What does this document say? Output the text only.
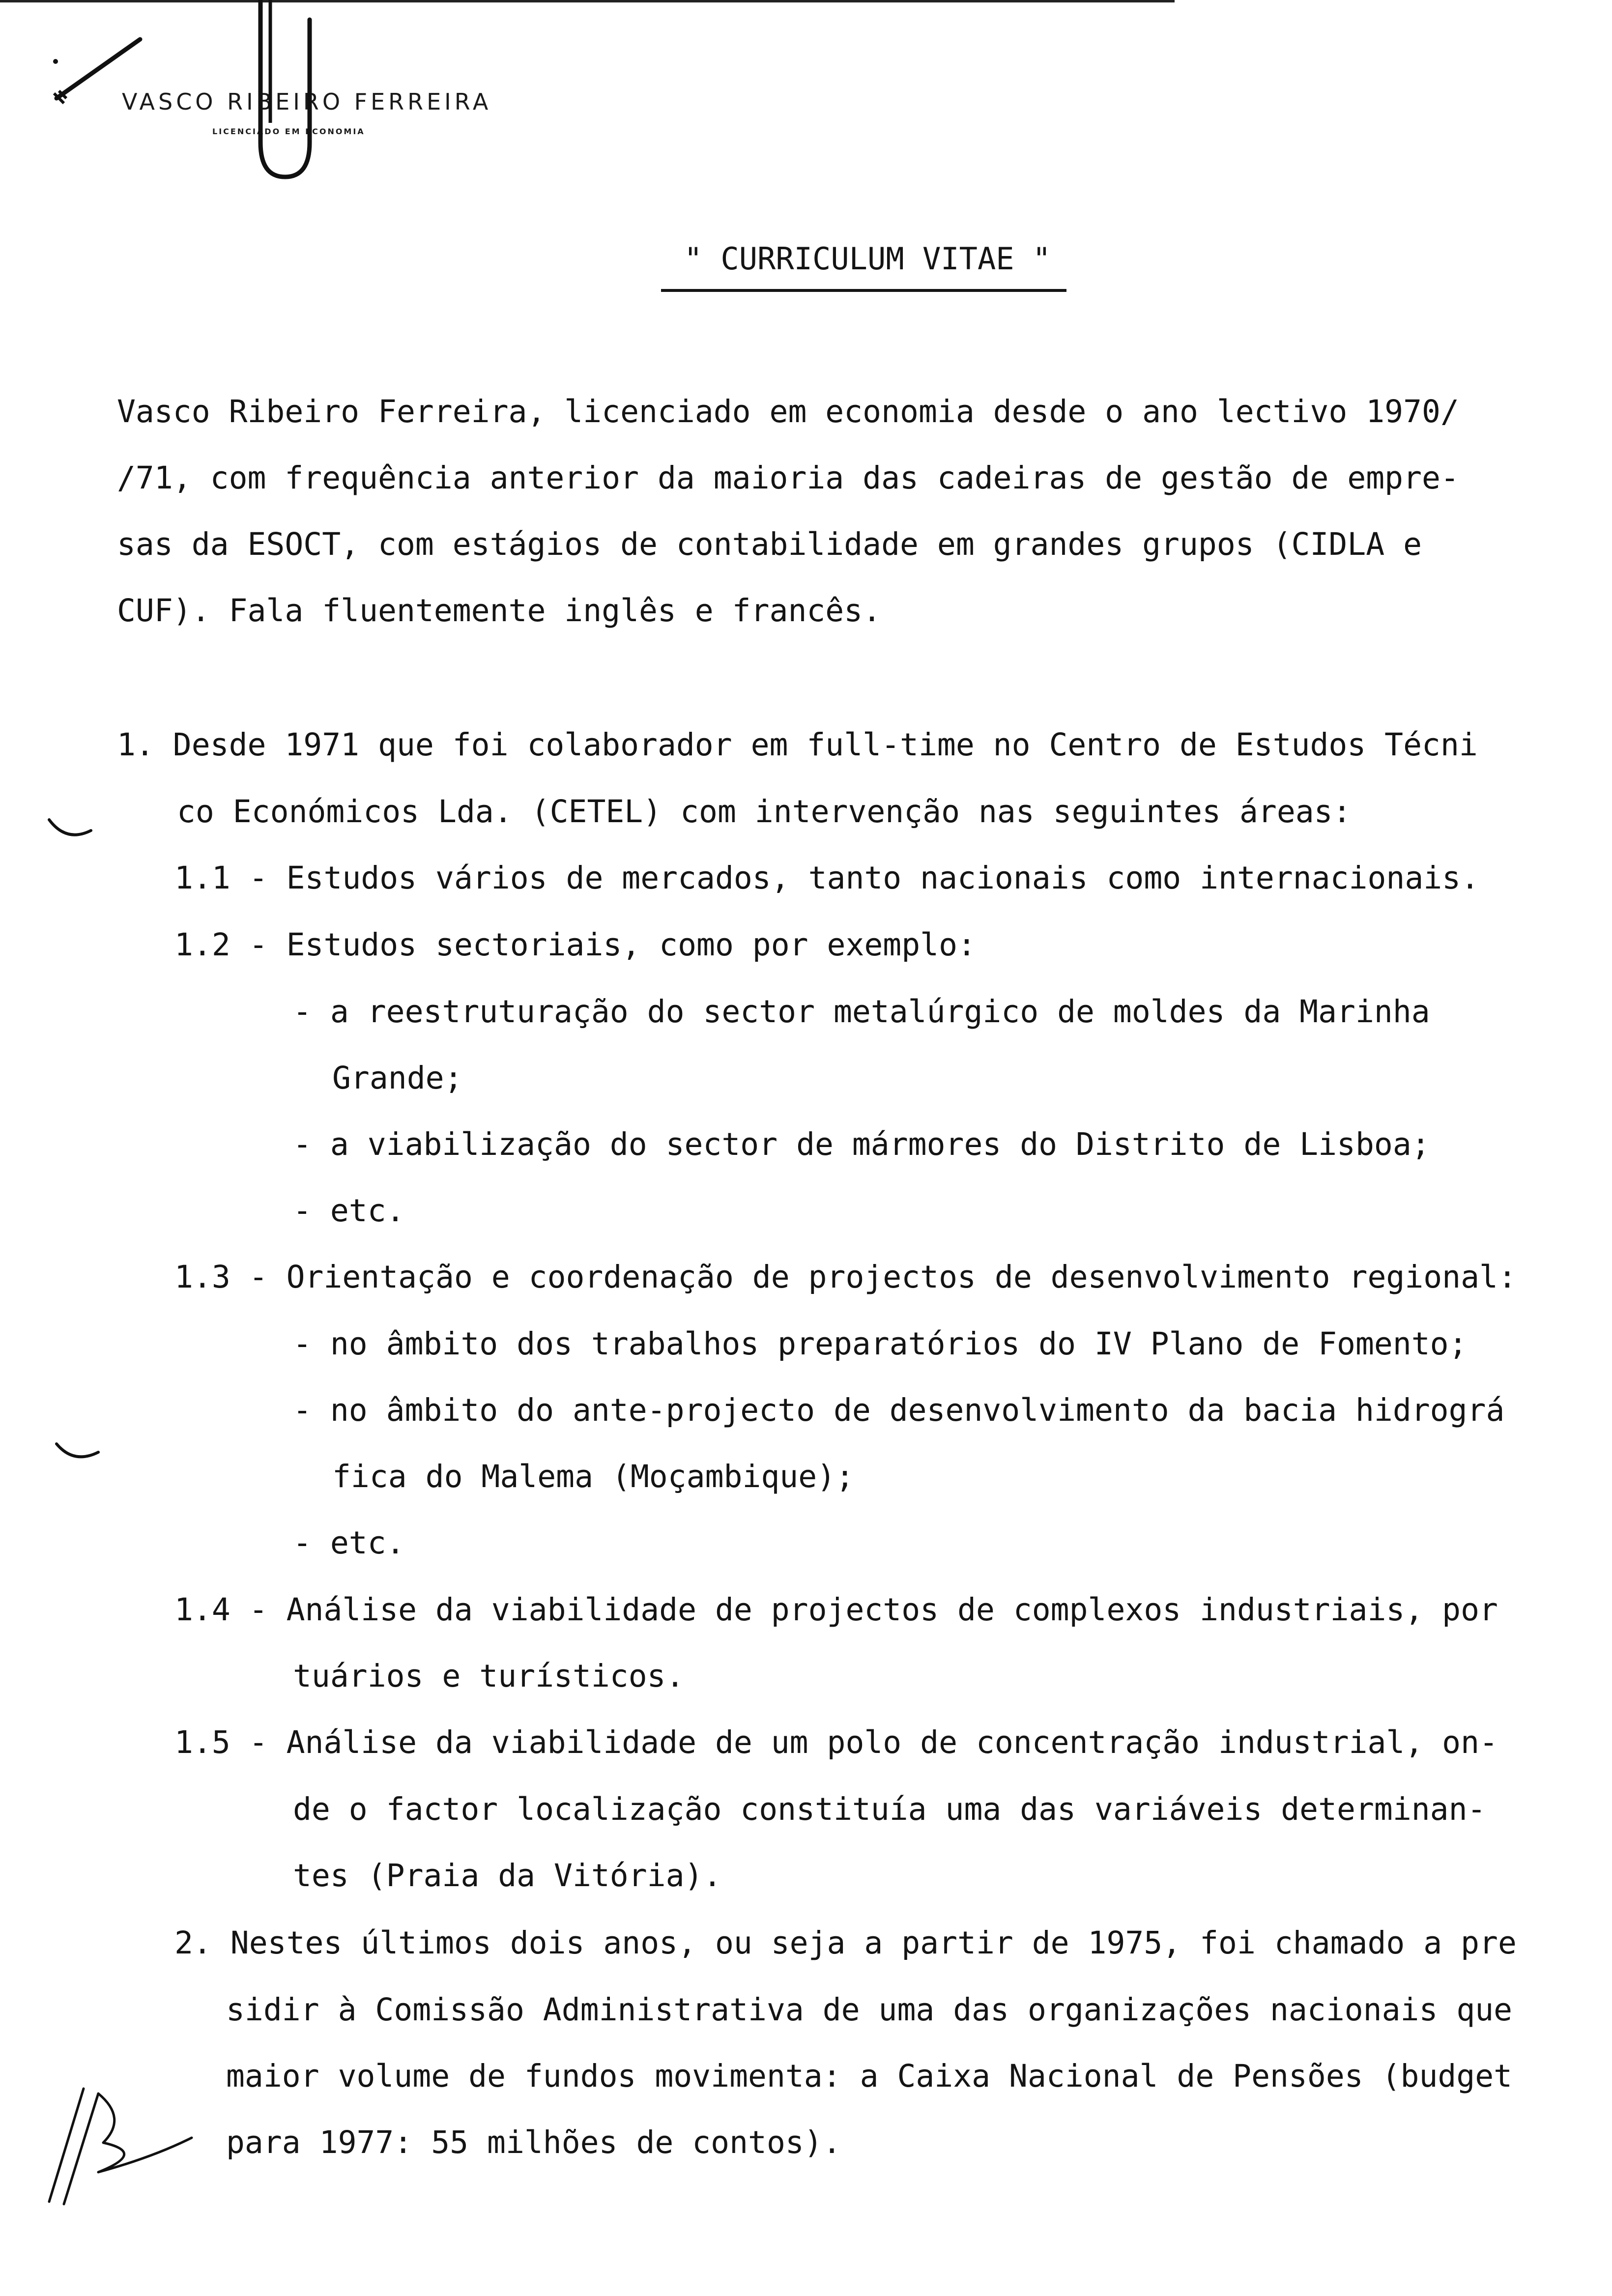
VASCO RIBEIRO FERREIRA
LICENCIADO EM ECONOMIA
" CURRICULUM VITAE "
Vasco Ribeiro Ferreira, licenciado em economia desde o ano lectivo 1970/
/71, com frequência anterior da maioria das cadeiras de gestão de empre-
sas da ESOCT, com estágios de contabilidade em grandes grupos (CIDLA e
CUF). Fala fluentemente inglês e francês.
1. Desde 1971 que foi colaborador em full-time no Centro de Estudos Técni
co Económicos Lda. (CETEL) com intervenção nas seguintes áreas:
1.1 - Estudos vários de mercados, tanto nacionais como internacionais.
1.2 - Estudos sectoriais, como por exemplo:
- a reestruturação do sector metalúrgico de moldes da Marinha
Grande;
- a viabilização do sector de mármores do Distrito de Lisboa;
- etc.
1.3 - Orientação e coordenação de projectos de desenvolvimento regional:
- no âmbito dos trabalhos preparatórios do IV Plano de Fomento;
- no âmbito do ante-projecto de desenvolvimento da bacia hidrográ
fica do Malema (Moçambique);
- etc.
1.4 - Análise da viabilidade de projectos de complexos industriais, por
tuários e turísticos.
1.5 - Análise da viabilidade de um polo de concentração industrial, on-
de o factor localização constituía uma das variáveis determinan-
tes (Praia da Vitória).
2. Nestes últimos dois anos, ou seja a partir de 1975, foi chamado a pre
sidir à Comissão Administrativa de uma das organizações nacionais que
maior volume de fundos movimenta: a Caixa Nacional de Pensões (budget
para 1977: 55 milhões de contos).
